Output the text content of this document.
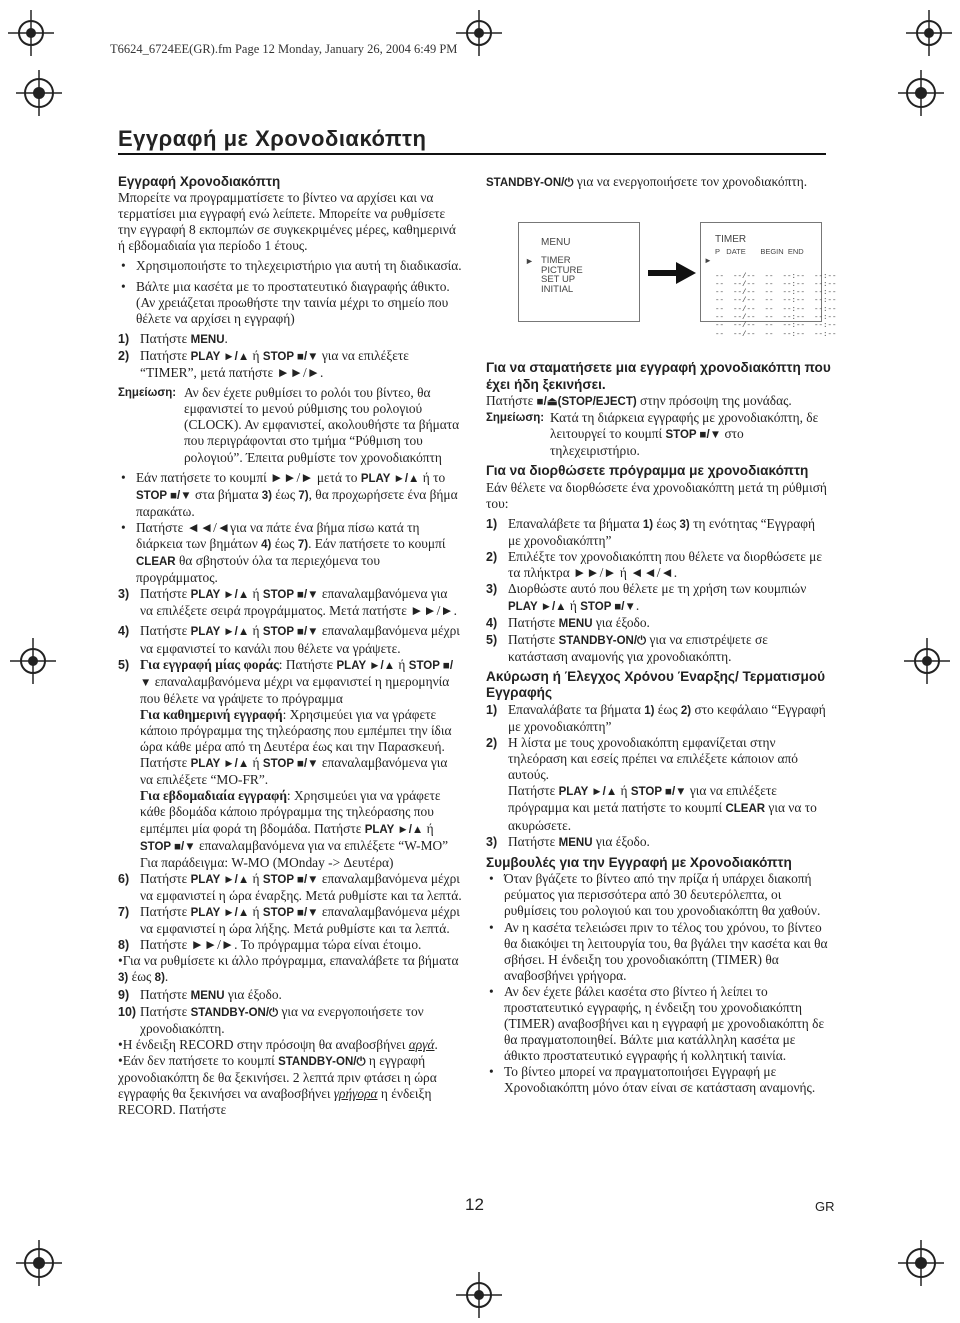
T6624_6724EE(GR).fm Page 12 Monday, January 26, 2004 6:49 PM
Εγγραφή με Χρονοδιακόπτη

Εγγραφή Χρονοδιακόπτη

Μπορείτε να προγραμματίσετε το βίντεο να αρχίσει και να τερματίσει μια εγγραφή ενώ λείπετε. Μπορείτε να ρυθμίσετε την εγγραφή 8 εκπομπών σε συγκεκριμένες μέρες, καθημερινά ή εβδομαδιαία για περίοδο 1 έτους.

• Χρησιμοποιήστε το τηλεχειριστήριο για αυτή τη διαδικασία.

• Βάλτε μια κασέτα με το προστατευτικό διαγραφής άθικτο. (Αν χρειάζεται προωθήστε την ταινία μέχρι το σημείο που θέλετε να αρχίσει η εγγραφή)

1) Πατήστε MENU.

2) Πατήστε PLAY ►/▲ ή STOP ■/▼ για να επιλέξετε “TIMER”, μετά πατήστε ►►/►.

Σημείωση: Αν δεν έχετε ρυθμίσει το ρολόι του βίντεο, θα εμφανιστεί το μενού ρύθμισης του ρολογιού (CLOCK). Αν εμφανιστεί, ακολουθήστε τα βήματα που περιγράφονται στο τμήμα “Ρύθμιση του ρολογιού”. Έπειτα ρυθμίστε τον χρονοδιακόπτη

• Εάν πατήσετε το κουμπί ►►/► μετά το PLAY ►/▲ ή το STOP ■/▼ στα βήματα 3) έως 7), θα προχωρήσετε ένα βήμα παρακάτω.

• Πατήστε ◄◄/◄για να πάτε ένα βήμα πίσω κατά τη διάρκεια των βημάτων 4) έως 7). Εάν πατήσετε το κουμπί CLEAR θα σβηστούν όλα τα περιεχόμενα του προγράμματος.

3) Πατήστε PLAY ►/▲ ή STOP ■/▼ επαναλαμβανόμενα για να επιλέξετε σειρά προγράμματος. Μετά πατήστε ►►/►.

4) Πατήστε PLAY ►/▲ ή STOP ■/▼ επαναλαμβανόμενα μέχρι να εμφανιστεί το κανάλι που θέλετε να γράψετε.

5) Για εγγραφή μίας φοράς: Πατήστε PLAY ►/▲ ή STOP ■/▼ επαναλαμβανόμενα μέχρι να εμφανιστεί η ημερομηνία που θέλετε να γράψετε το πρόγραμμα
Για καθημερινή εγγραφή: Χρησιμεύει για να γράφετε κάποιο πρόγραμμα της τηλεόρασης που εμπέμπει την ίδια ώρα κάθε μέρα από τη Δευτέρα έως και την Παρασκευή. Πατήστε PLAY ►/▲ ή STOP ■/▼ επαναλαμβανόμενα για να επιλέξετε “MO-FR”.
Για εβδομαδιαία εγγραφή: Χρησιμεύει για να γράφετε κάθε βδομάδα κάποιο πρόγραμμα της τηλεόρασης που εμπέμπει μία φορά τη βδομάδα. Πατήστε PLAY ►/▲ ή STOP ■/▼ επαναλαμβανόμενα για να επιλέξετε “W-MO” Για παράδειγμα: W-MO (MOnday -> Δευτέρα)

6) Πατήστε PLAY ►/▲ ή STOP ■/▼ επαναλαμβανόμενα μέχρι να εμφανιστεί η ώρα έναρξης. Μετά ρυθμίστε και τα λεπτά.

7) Πατήστε PLAY ►/▲ ή STOP ■/▼ επαναλαμβανόμενα μέχρι να εμφανιστεί η ώρα λήξης. Μετά ρυθμίστε και τα λεπτά.

8) Πατήστε ►►/►. Το πρόγραμμα τώρα είναι έτοιμο.

•Για να ρυθμίσετε κι άλλο πρόγραμμα, επαναλάβετε τα βήματα 3) έως 8).

9) Πατήστε MENU για έξοδο.

10) Πατήστε STANDBY-ON/⏻ για να ενεργοποιήσετε τον χρονοδιακόπτη.

•Η ένδειξη RECORD στην πρόσοψη θα αναβοσβήνει αργά.

•Εάν δεν πατήσετε το κουμπί STANDBY-ON/⏻ η εγγραφή χρονοδιακόπτη δε θα ξεκινήσει. 2 λεπτά πριν φτάσει η ώρα εγγραφής θα ξεκινήσει να αναβοσβήνει γρήγορα η ένδειξη RECORD. Πατήστε

STANDBY-ON/⏻ για να ενεργοποιήσετε τον χρονοδιακόπτη.

MENU
► TIMER
PICTURE
SET UP
INITIAL
TIMER
P DATE BEGIN END
►

--  --/--  --  --:--  --:--
--  --/--  --  --:--  --:--
--  --/--  --  --:--  --:--
--  --/--  --  --:--  --:--
--  --/--  --  --:--  --:--
--  --/--  --  --:--  --:--
--  --/--  --  --:--  --:--
--  --/--  --  --:--  --:--

Για να σταματήσετε μια εγγραφή χρονοδιακόπτη που έχει ήδη ξεκινήσει.

Πατήστε ■/⏏(STOP/EJECT) στην πρόσοψη της μονάδας.

Σημείωση: Κατά τη διάρκεια εγγραφής με χρονοδιακόπτη, δε λειτουργεί το κουμπί STOP ■/▼ στο τηλεχειριστήριο.

Για να διορθώσετε πρόγραμμα με χρονοδιακόπτη

Εάν θέλετε να διορθώσετε ένα χρονοδιακόπτη μετά τη ρύθμισή του:

1) Επαναλάβετε τα βήματα 1) έως 3) τη ενότητας “Εγγραφή με χρονοδιακόπτη”

2) Επιλέξτε τον χρονοδιακόπτη που θέλετε να διορθώσετε με τα πλήκτρα ►►/► ή ◄◄/◄.

3) Διορθώστε αυτό που θέλετε με τη χρήση των κουμπιών PLAY ►/▲ ή STOP ■/▼.

4) Πατήστε MENU για έξοδο.

5) Πατήστε STANDBY-ON/⏻ για να επιστρέψετε σε κατάσταση αναμονής για χρονοδιακόπτη.

Ακύρωση ή Έλεγχος Χρόνου Έναρξης/ Τερματισμού Εγγραφής

1) Επαναλάβατε τα βήματα 1) έως 2) στο κεφάλαιο “Εγγραφή με χρονοδιακόπτη”

2) Η λίστα με τους χρονοδιακόπτη εμφανίζεται στην τηλεόραση και εσείς πρέπει να επιλέξετε κάποιον από αυτούς.
Πατήστε PLAY ►/▲ ή STOP ■/▼ για να επιλέξετε πρόγραμμα και μετά πατήστε το κουμπί CLEAR για να το ακυρώσετε.

3) Πατήστε MENU για έξοδο.

Συμβουλές για την Εγγραφή με Χρονοδιακόπτη

• Όταν βγάζετε το βίντεο από την πρίζα ή υπάρχει διακοπή ρεύματος για περισσότερα από 30 δευτερόλεπτα, οι ρυθμίσεις του ρολογιού και του χρονοδιακόπτη θα χαθούν.

• Αν η κασέτα τελειώσει πριν το τέλος του χρόνου, το βίντεο θα διακόψει τη λειτουργία του, θα βγάλει την κασέτα και θα σβήσει. Η ένδειξη του χρονοδιακόπτη (TIMER) θα αναβοσβήνει γρήγορα.

• Αν δεν έχετε βάλει κασέτα στο βίντεο ή λείπει το προστατευτικό εγγραφής, η ένδειξη του χρονοδιακόπτη (TIMER) αναβοσβήνει και η εγγραφή με χρονοδιακόπτη δε θα πραγματοποιηθεί. Βάλτε μια κατάλληλη κασέτα με άθικτο προστατευτικό εγγραφής ή κολλητική ταινία.

• Το βίντεο μπορεί να πραγματοποιήσει Εγγραφή με Χρονοδιακόπτη μόνο όταν είναι σε κατάσταση αναμονής.

12	GR
